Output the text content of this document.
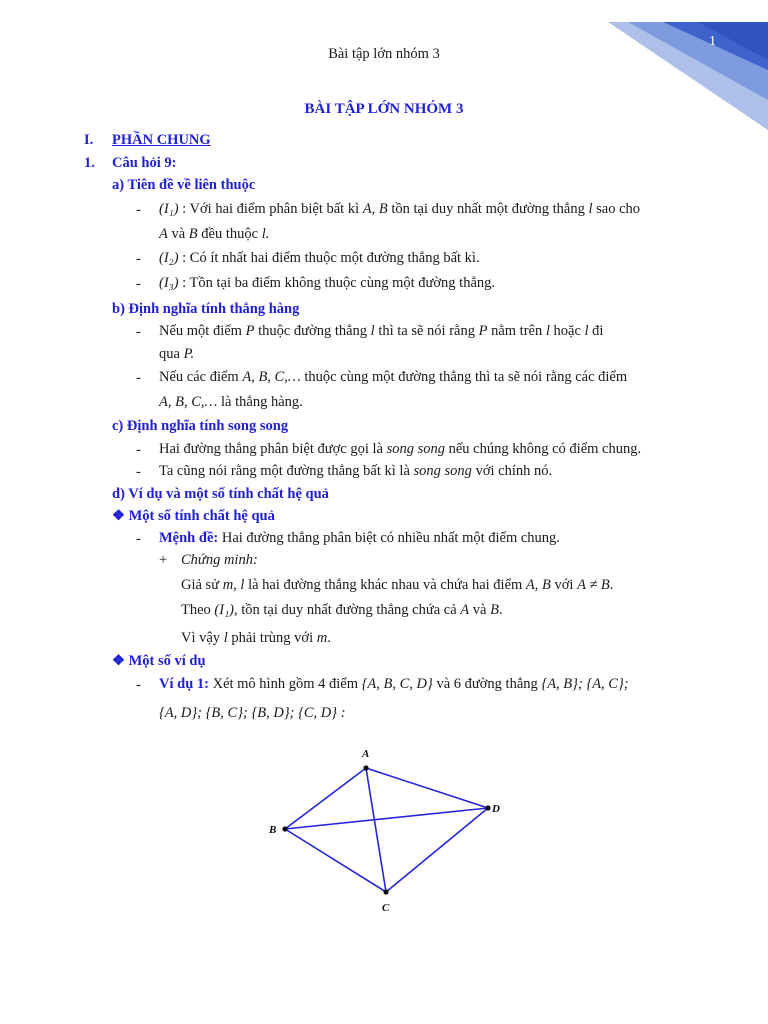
1
Bài tập lớn nhóm 3
BÀI TẬP LỚN NHÓM 3
I. PHẦN CHUNG
1. Câu hỏi 9:
a) Tiên đề về liên thuộc
- (I₁) : Với hai điểm phân biệt bất kì A, B tồn tại duy nhất một đường thẳng l sao cho
A và B đều thuộc l.
- (I₂) : Có ít nhất hai điểm thuộc một đường thẳng bất kì.
- (I₃) : Tồn tại ba điểm không thuộc cùng một đường thẳng.
b) Định nghĩa tính thẳng hàng
- Nếu một điểm P thuộc đường thẳng l thì ta sẽ nói rằng P nằm trên l hoặc l đi
qua P.
- Nếu các điểm A, B, C,… thuộc cùng một đường thẳng thì ta sẽ nói rằng các điểm
A, B, C,… là thẳng hàng.
c) Định nghĩa tính song song
- Hai đường thẳng phân biệt được gọi là song song nếu chúng không có điểm chung.
- Ta cũng nói rằng một đường thẳng bất kì là song song với chính nó.
d) Ví dụ và một số tính chất hệ quả
❖ Một số tính chất hệ quả
- Mệnh đề: Hai đường thẳng phân biệt có nhiều nhất một điểm chung.
+ Chứng minh:
Giả sử m, l là hai đường thẳng khác nhau và chứa hai điểm A, B với A ≠ B.
Theo (I₁), tồn tại duy nhất đường thẳng chứa cả A và B.
Vì vậy l phải trùng với m.
❖ Một số ví dụ
- Ví dụ 1: Xét mô hình gồm 4 điểm {A, B, C, D} và 6 đường thẳng {A, B}; {A, C};
{A, D}; {B, C}; {B, D}; {C, D} :
A
B
C
D
